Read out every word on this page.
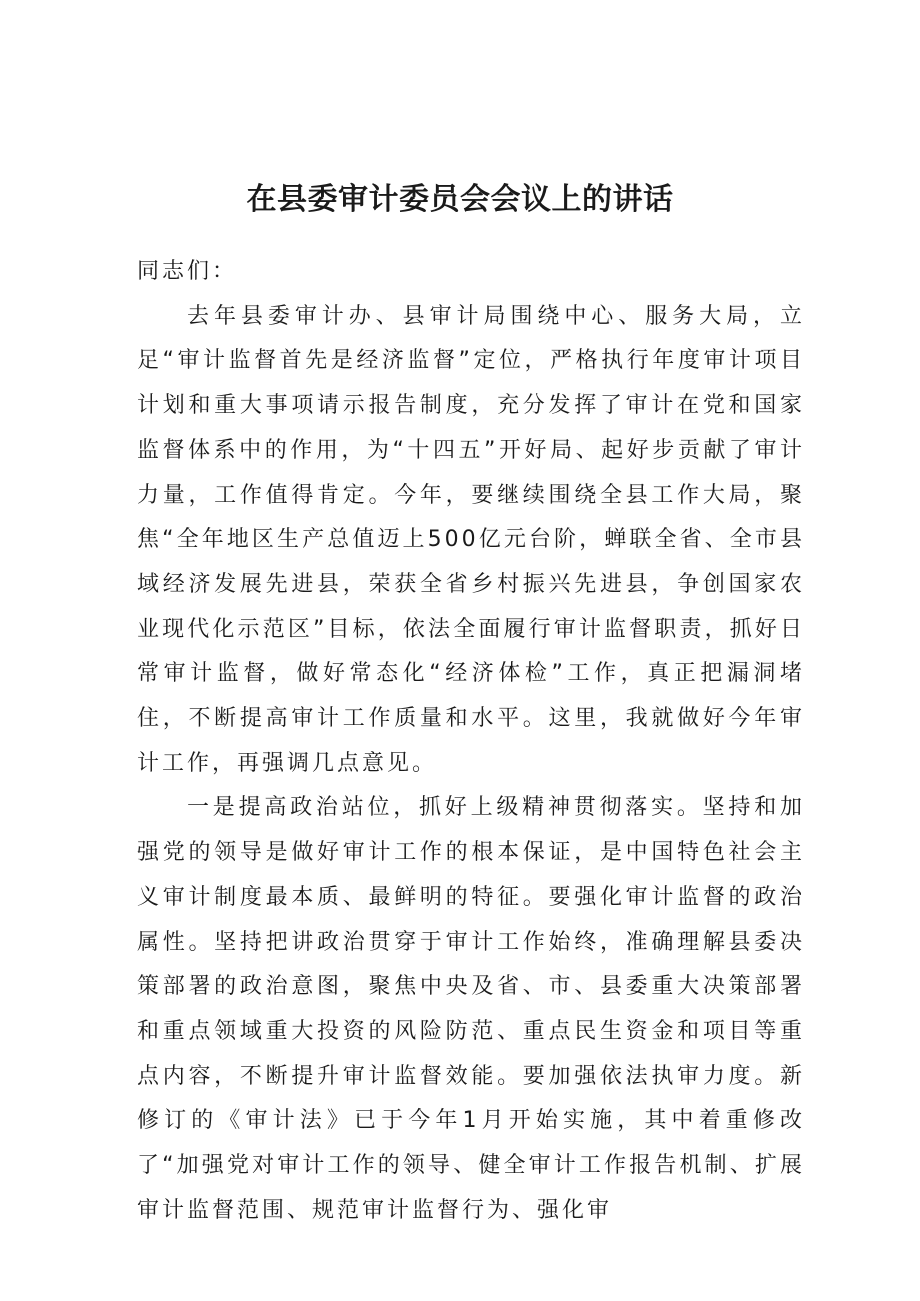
在县委审计委员会会议上的讲话

同志们：

去年县委审计办、县审计局围绕中心、服务大局，立足“审计监督首先是经济监督”定位，严格执行年度审计项目计划和重大事项请示报告制度，充分发挥了审计在党和国家监督体系中的作用，为“十四五”开好局、起好步贡献了审计力量，工作值得肯定。今年，要继续围绕全县工作大局，聚焦“全年地区生产总值迈上500亿元台阶，蝉联全省、全市县域经济发展先进县，荣获全省乡村振兴先进县，争创国家农业现代化示范区”目标，依法全面履行审计监督职责，抓好日常审计监督，做好常态化“经济体检”工作，真正把漏洞堵住，不断提高审计工作质量和水平。这里，我就做好今年审计工作，再强调几点意见。

一是提高政治站位，抓好上级精神贯彻落实。坚持和加强党的领导是做好审计工作的根本保证，是中国特色社会主义审计制度最本质、最鲜明的特征。要强化审计监督的政治属性。坚持把讲政治贯穿于审计工作始终，准确理解县委决策部署的政治意图，聚焦中央及省、市、县委重大决策部署和重点领域重大投资的风险防范、重点民生资金和项目等重点内容，不断提升审计监督效能。要加强依法执审力度。新修订的《审计法》已于今年1月开始实施，其中着重修改了“加强党对审计工作的领导、健全审计工作报告机制、扩展审计监督范围、规范审计监督行为、强化审
